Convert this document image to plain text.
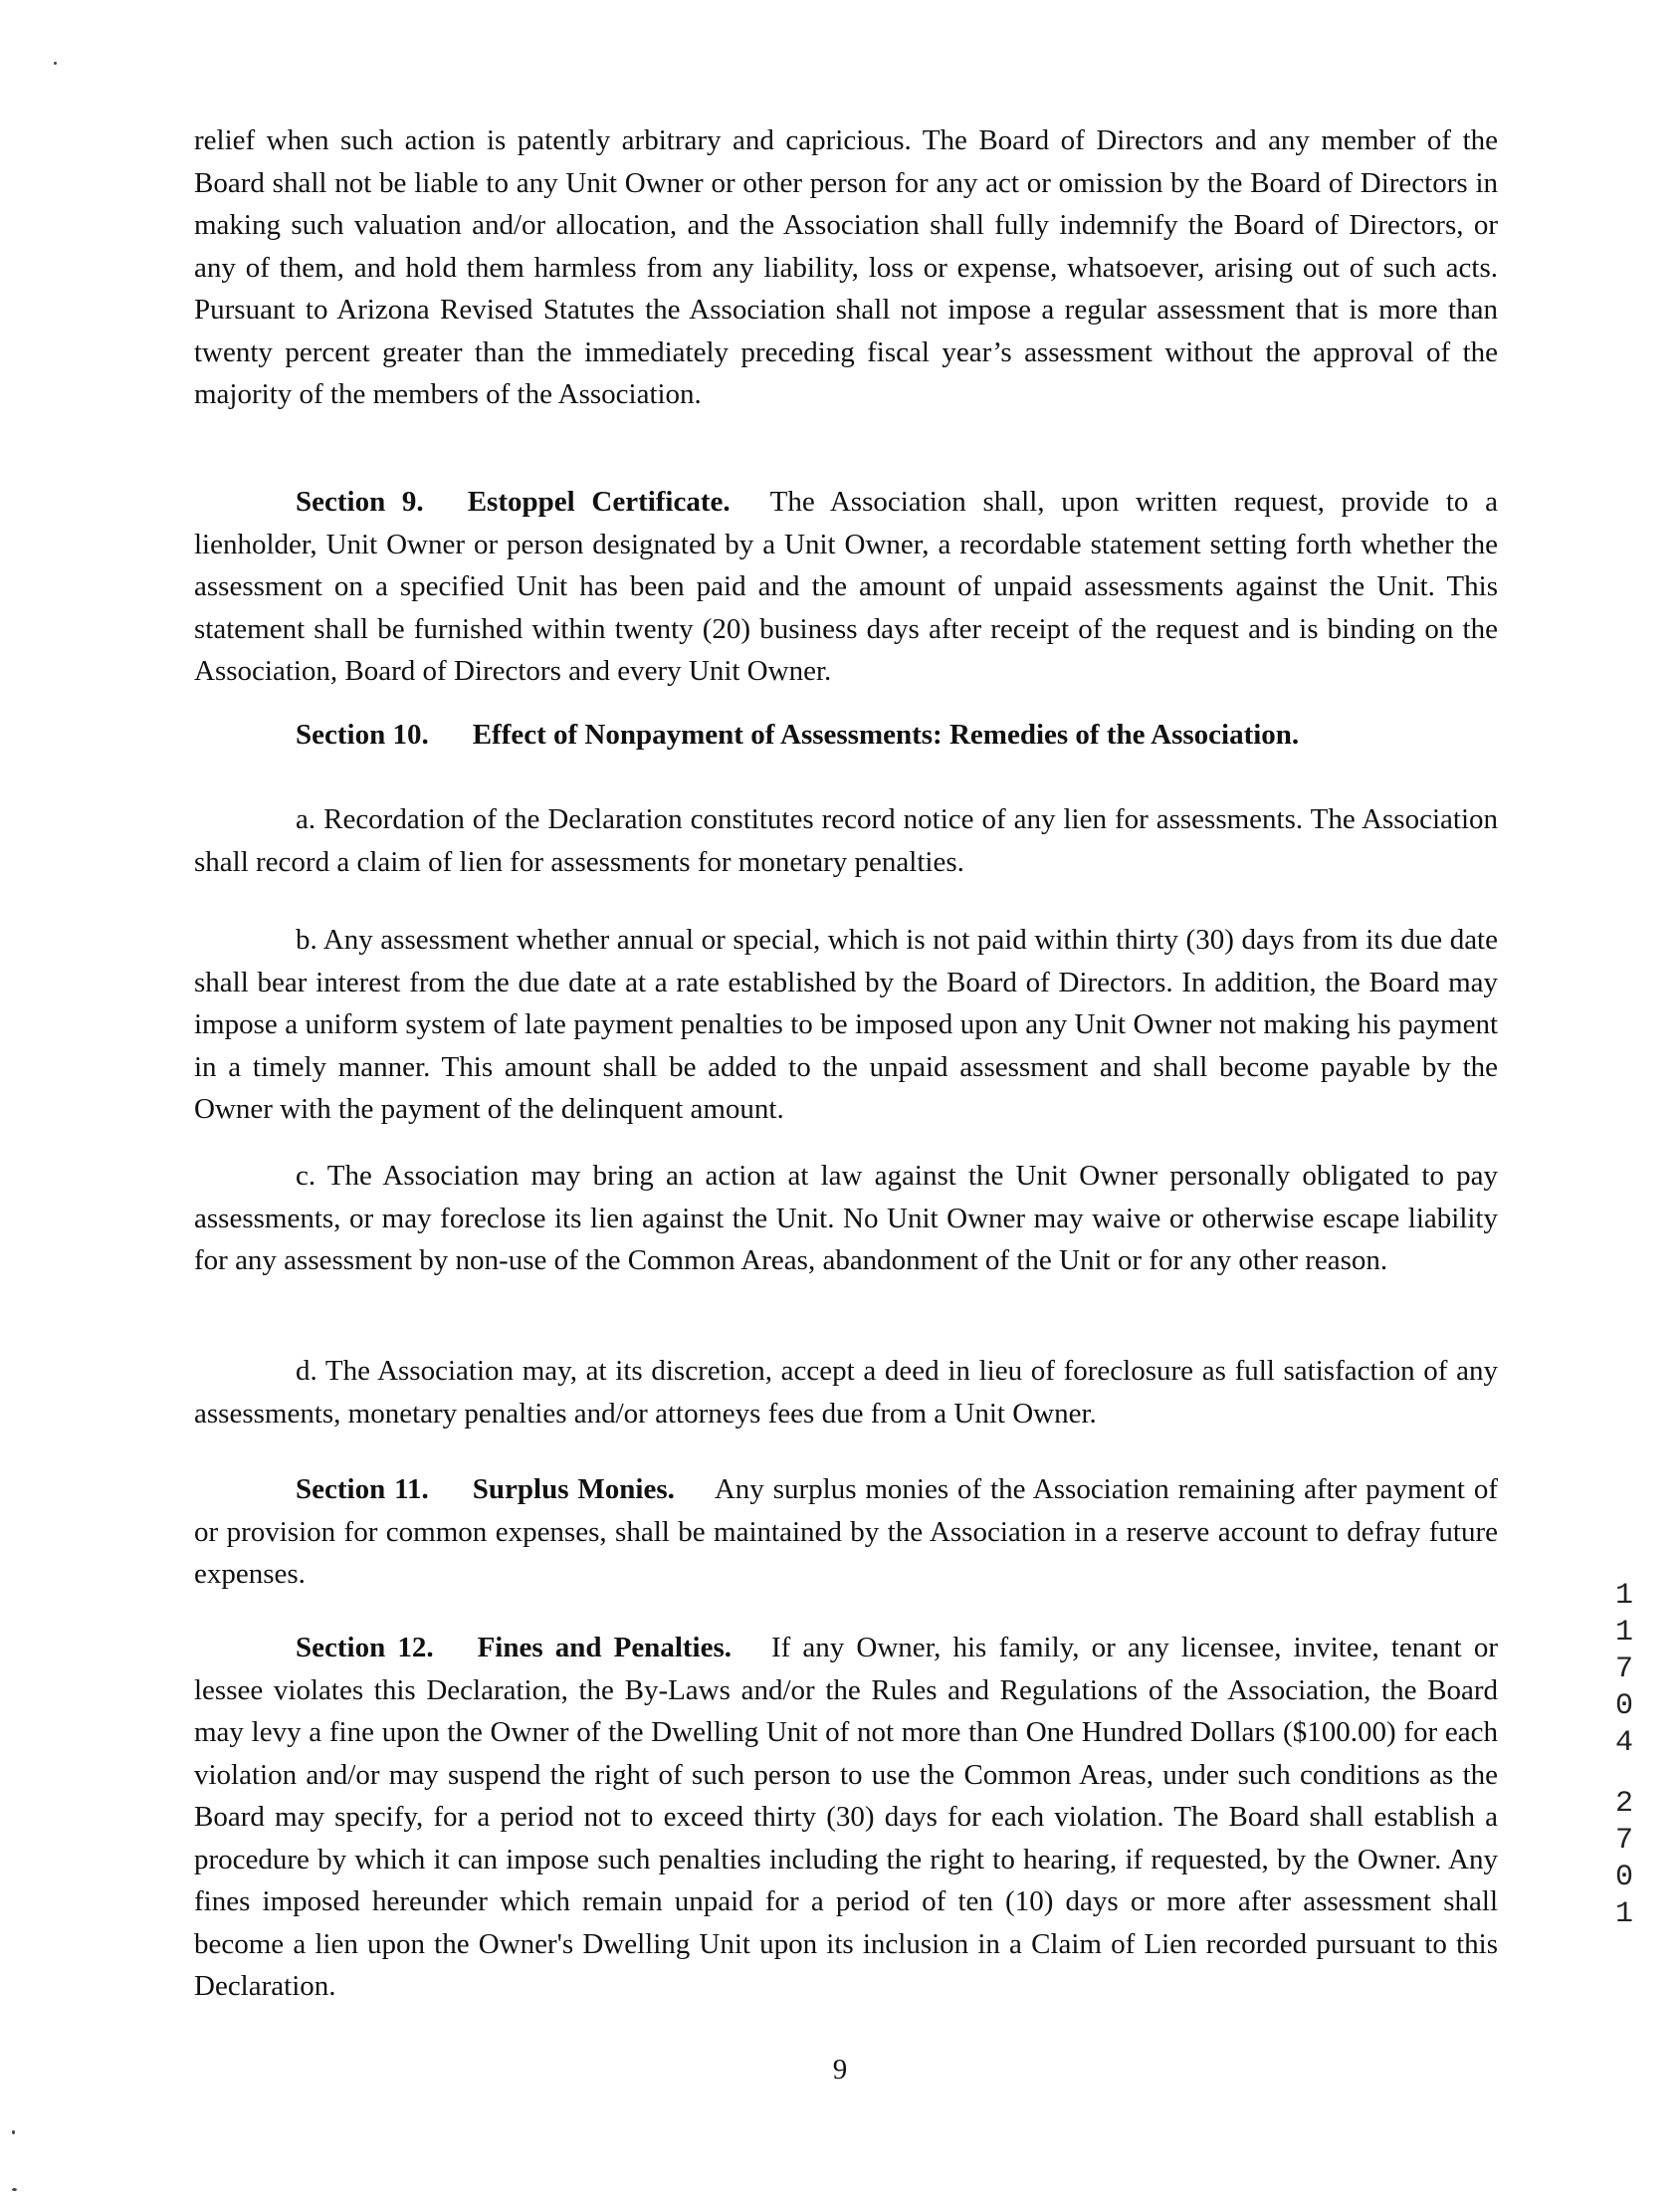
relief when such action is patently arbitrary and capricious. The Board of Directors and any member of the Board shall not be liable to any Unit Owner or other person for any act or omission by the Board of Directors in making such valuation and/or allocation, and the Association shall fully indemnify the Board of Directors, or any of them, and hold them harmless from any liability, loss or expense, whatsoever, arising out of such acts. Pursuant to Arizona Revised Statutes the Association shall not impose a regular assessment that is more than twenty percent greater than the immediately preceding fiscal year’s assessment without the approval of the majority of the members of the Association.

Section 9. Estoppel Certificate. The Association shall, upon written request, provide to a lienholder, Unit Owner or person designated by a Unit Owner, a recordable statement setting forth whether the assessment on a specified Unit has been paid and the amount of unpaid assessments against the Unit. This statement shall be furnished within twenty (20) business days after receipt of the request and is binding on the Association, Board of Directors and every Unit Owner.

Section 10. Effect of Nonpayment of Assessments: Remedies of the Association.

a. Recordation of the Declaration constitutes record notice of any lien for assessments. The Association shall record a claim of lien for assessments for monetary penalties.

b. Any assessment whether annual or special, which is not paid within thirty (30) days from its due date shall bear interest from the due date at a rate established by the Board of Directors. In addition, the Board may impose a uniform system of late payment penalties to be imposed upon any Unit Owner not making his payment in a timely manner. This amount shall be added to the unpaid assessment and shall become payable by the Owner with the payment of the delinquent amount.

c. The Association may bring an action at law against the Unit Owner personally obligated to pay assessments, or may foreclose its lien against the Unit. No Unit Owner may waive or otherwise escape liability for any assessment by non-use of the Common Areas, abandonment of the Unit or for any other reason.

d. The Association may, at its discretion, accept a deed in lieu of foreclosure as full satisfaction of any assessments, monetary penalties and/or attorneys fees due from a Unit Owner.

Section 11. Surplus Monies. Any surplus monies of the Association remaining after payment of or provision for common expenses, shall be maintained by the Association in a reserve account to defray future expenses.

Section 12. Fines and Penalties. If any Owner, his family, or any licensee, invitee, tenant or lessee violates this Declaration, the By-Laws and/or the Rules and Regulations of the Association, the Board may levy a fine upon the Owner of the Dwelling Unit of not more than One Hundred Dollars ($100.00) for each violation and/or may suspend the right of such person to use the Common Areas, under such conditions as the Board may specify, for a period not to exceed thirty (30) days for each violation. The Board shall establish a procedure by which it can impose such penalties including the right to hearing, if requested, by the Owner. Any fines imposed hereunder which remain unpaid for a period of ten (10) days or more after assessment shall become a lien upon the Owner's Dwelling Unit upon its inclusion in a Claim of Lien recorded pursuant to this Declaration.

9
1
1
7
0
4
2
7
0
1
